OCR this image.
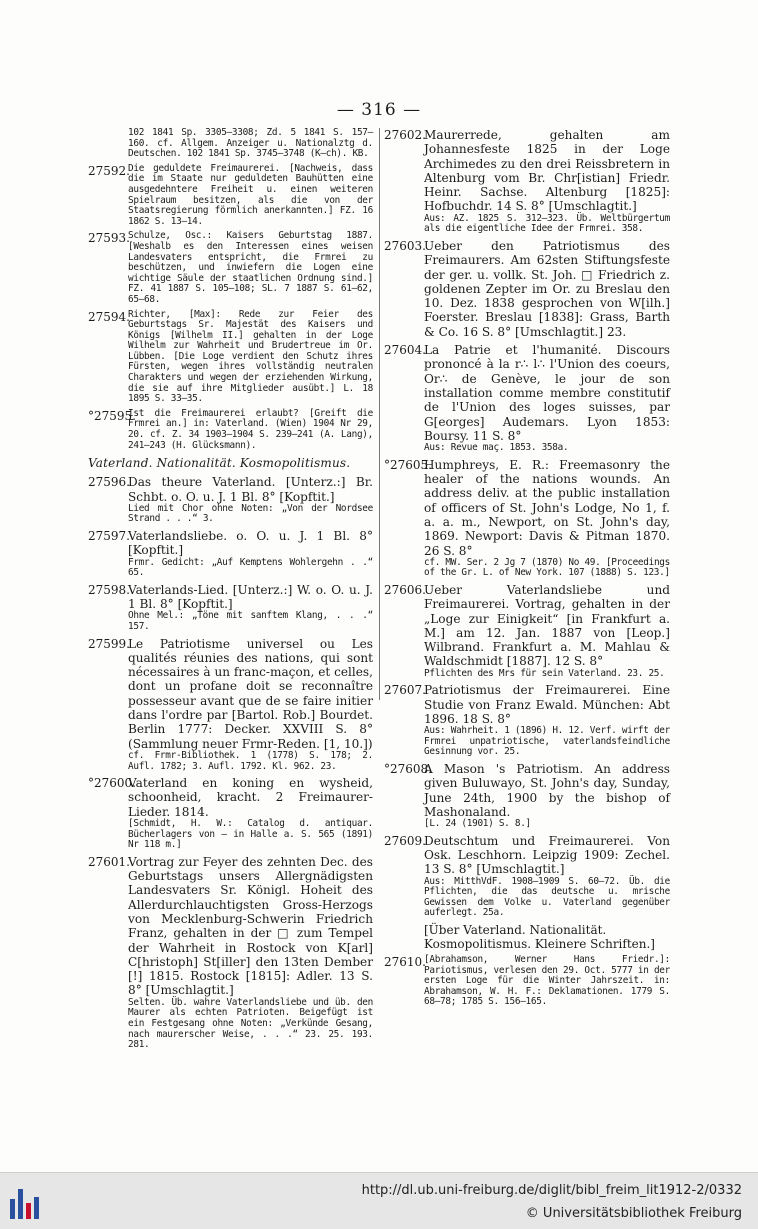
— 316 —
102 1841 Sp. 3305—3308; Zd. 5 1841 S. 157—160. cf. Allgem. Anzeiger u. Nationalztg d. Deutschen. 102 1841 Sp. 3745—3748 (K—ch). KB.
27592.
Die geduldete Freimaurerei. [Nachweis, dass die im Staate nur geduldeten Bauhütten eine ausgedehntere Freiheit u. einen weiteren Spielraum besitzen, als die von der Staatsregierung förmlich anerkannten.] FZ. 16 1862 S. 13—14.
27593.
Schulze, Osc.: Kaisers Geburtstag 1887. [Weshalb es den Interessen eines weisen Landesvaters entspricht, die Frmrei zu beschützen, und inwiefern die Logen eine wichtige Säule der staatlichen Ordnung sind.] FZ. 41 1887 S. 105—108; SL. 7 1887 S. 61—62, 65—68.
27594.
Richter, [Max]: Rede zur Feier des Geburtstags Sr. Majestät des Kaisers und Königs [Wilhelm II.] gehalten in der Loge Wilhelm zur Wahrheit und Brudertreue im Or. Lübben. [Die Loge verdient den Schutz ihres Fürsten, wegen ihres vollständig neutralen Charakters und wegen der erziehenden Wirkung, die sie auf ihre Mitglieder ausübt.] L. 18 1895 S. 33—35.
°27595.
Ist die Freimaurerei erlaubt? [Greift die Frmrei an.] in: Vaterland. (Wien) 1904 Nr 29, 20. cf. Z. 34 1903—1904 S. 239—241 (A. Lang), 241—243 (H. Glücksmann).
Vaterland. Nationalität. Kosmopolitismus.
27596.
Das theure Vaterland. [Unterz.:] Br. Schbt. o. O. u. J. 1 Bl. 8° [Kopftit.]
Lied mit Chor ohne Noten: „Von der Nordsee Strand . . .“ 3.
27597.
Vaterlandsliebe. o. O. u. J. 1 Bl. 8° [Kopftit.]
Frmr. Gedicht: „Auf Kemptens Wohlergehn . .“ 65.
27598.
Vaterlands-Lied. [Unterz.:] W. o. O. u. J. 1 Bl. 8° [Kopftit.]
Ohne Mel.: „Töne mit sanftem Klang, . . .“ 157.
27599.
Le Patriotisme universel ou Les qualités réunies des nations, qui sont nécessaires à un franc-maçon, et celles, dont un profane doit se reconnaître possesseur avant que de se faire initier dans l'ordre par [Bartol. Rob.] Bourdet. Berlin 1777: Decker. XXVIII S. 8° (Sammlung neuer Frmr-Reden. [1, 10.])
cf. Frmr-Bibliothek. 1 (1778) S. 178; 2. Aufl. 1782; 3. Aufl. 1792. Kl. 962. 23.
°27600.
Vaterland en koning en wysheid, schoonheid, kracht. 2 Freimaurer-Lieder. 1814.
[Schmidt, H. W.: Catalog d. antiquar. Bücherlagers von — in Halle a. S. 565 (1891) Nr 118 m.]
27601.
Vortrag zur Feyer des zehnten Dec. des Geburtstags unsers Allergnädigsten Landesvaters Sr. Königl. Hoheit des Allerdurchlauchtigsten Gross-Herzogs von Mecklenburg-Schwerin Friedrich Franz, gehalten in der □ zum Tempel der Wahrheit in Rostock von K[arl] C[hristoph] St[iller] den 13ten Dember [!] 1815. Rostock [1815]: Adler. 13 S. 8° [Umschlagtit.]
Selten. Üb. wahre Vaterlandsliebe und üb. den Maurer als echten Patrioten. Beigefügt ist ein Festgesang ohne Noten: „Verkünde Gesang, nach maurerscher Weise, . . .“ 23. 25. 193. 281.
27602.
Maurerrede, gehalten am Johannesfeste 1825 in der Loge Archimedes zu den drei Reissbretern in Altenburg vom Br. Chr[istian] Friedr. Heinr. Sachse. Altenburg [1825]: Hofbuchdr. 14 S. 8° [Umschlagtit.]
Aus: AZ. 1825 S. 312—323. Üb. Weltbürgertum als die eigentliche Idee der Frmrei. 358.
27603.
Ueber den Patriotismus des Freimaurers. Am 62sten Stiftungsfeste der ger. u. vollk. St. Joh. □ Friedrich z. goldenen Zepter im Or. zu Breslau den 10. Dez. 1838 gesprochen von W[ilh.] Foerster. Breslau [1838]: Grass, Barth & Co. 16 S. 8° [Umschlagtit.] 23.
27604.
La Patrie et l'humanité. Discours prononcé à la r∴ l∴ l'Union des coeurs, Or∴ de Genève, le jour de son installation comme membre constitutif de l'Union des loges suisses, par G[eorges] Audemars. Lyon 1853: Boursy. 11 S. 8°
Aus: Revue maç. 1853. 358a.
°27605.
Humphreys, E. R.: Freemasonry the healer of the nations wounds. An address deliv. at the public installation of officers of St. John's Lodge, No 1, f. a. a. m., Newport, on St. John's day, 1869. Newport: Davis & Pitman 1870. 26 S. 8°
cf. MW. Ser. 2 Jg 7 (1870) No 49. [Proceedings of the Gr. L. of New York. 107 (1888) S. 123.]
27606.
Ueber Vaterlandsliebe und Freimaurerei. Vortrag, gehalten in der „Loge zur Einigkeit“ [in Frankfurt a. M.] am 12. Jan. 1887 von [Leop.] Wilbrand. Frankfurt a. M. Mahlau & Waldschmidt [1887]. 12 S. 8°
Pflichten des Mrs für sein Vaterland. 23. 25.
27607.
Patriotismus der Freimaurerei. Eine Studie von Franz Ewald. München: Abt 1896. 18 S. 8°
Aus: Wahrheit. 1 (1896) H. 12. Verf. wirft der Frmrei unpatriotische, vaterlandsfeindliche Gesinnung vor. 25.
°27608.
A Mason 's Patriotism. An address given Buluwayo, St. John's day, Sunday, June 24th, 1900 by the bishop of Mashonaland.
[L. 24 (1901) S. 8.]
27609.
Deutschtum und Freimaurerei. Von Osk. Leschhorn. Leipzig 1909: Zechel. 13 S. 8° [Umschlagtit.]
Aus: MitthVdF. 1908—1909 S. 60—72. Üb. die Pflichten, die das deutsche u. mrische Gewissen dem Volke u. Vaterland gegenüber auferlegt. 25a.
[Über Vaterland. Nationalität. Kosmopolitismus. Kleinere Schriften.]
27610.
[Abrahamson, Werner Hans Friedr.]: Pariotismus, verlesen den 29. Oct. 5777 in der ersten Loge für die Winter Jahrszeit. in: Abrahamson, W. H. F.: Deklamationen. 1779 S. 68—78; 1785 S. 156—165.
http://dl.ub.uni-freiburg.de/diglit/bibl_freim_lit1912-2/0332
© Universitätsbibliothek Freiburg
